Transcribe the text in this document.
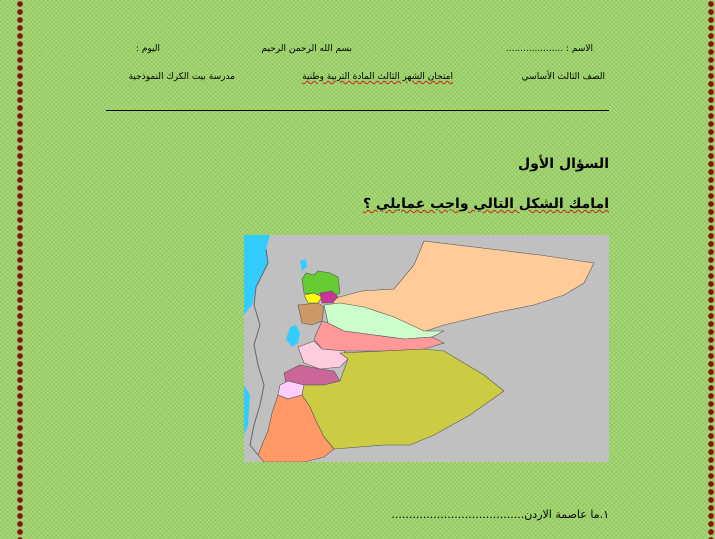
الاسم : ....................
بسم الله الرحمن الرحيم
اليوم :
الصف الثالث الأساسي
امتحان الشهر الثالث المادة التربية وطنية
مدرسة بيت الكرك النموذجية
السؤال الأول
امامك الشكل التالي واجب عمايلي ؟
١.ما عاصمة الاردن......................................
